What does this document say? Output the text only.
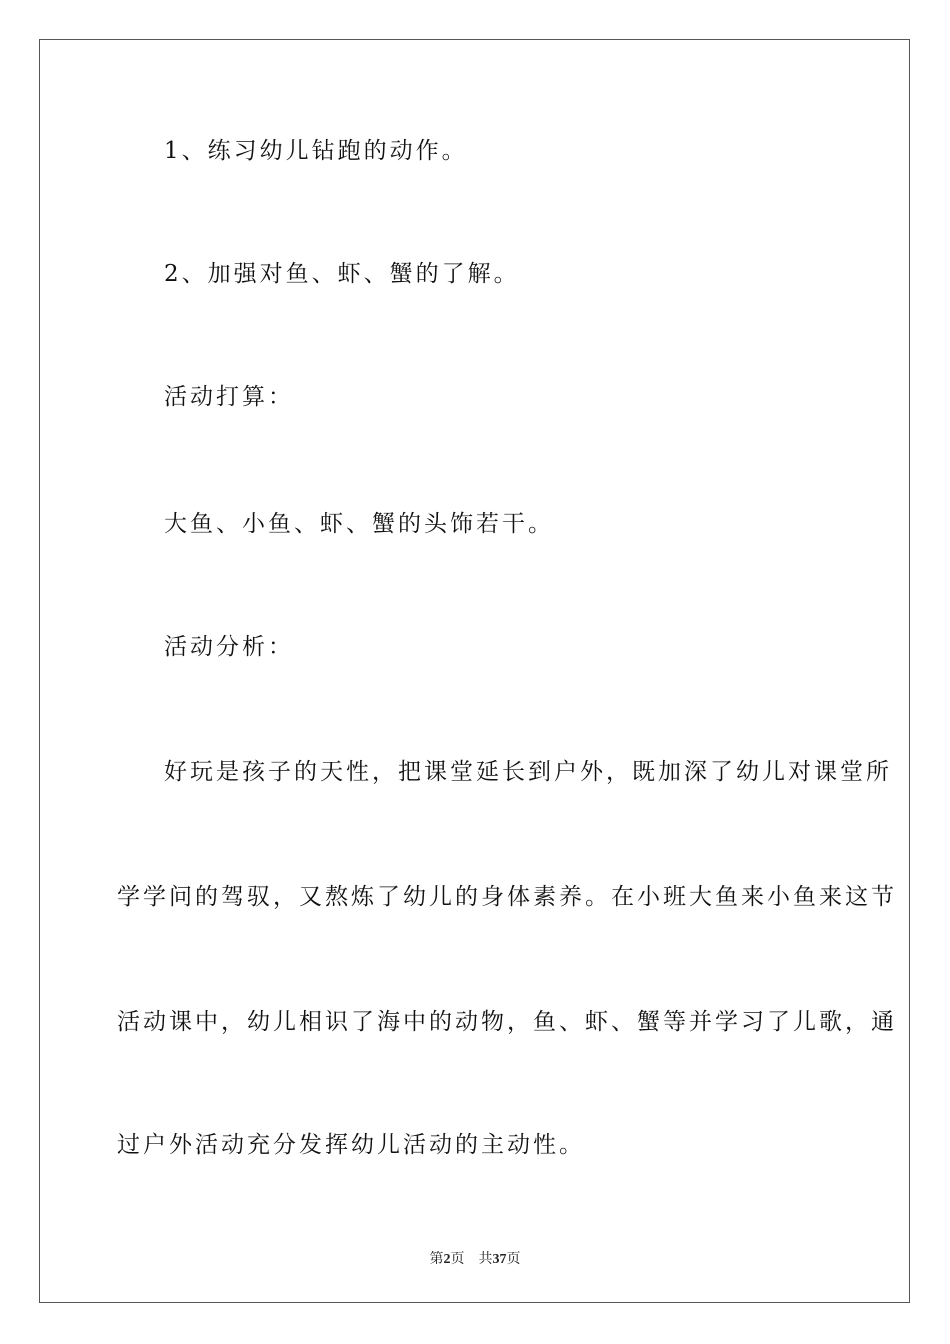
1、练习幼儿钻跑的动作。
2、加强对鱼、虾、蟹的了解。
活动打算：
大鱼、小鱼、虾、蟹的头饰若干。
活动分析：
好玩是孩子的天性，把课堂延长到户外，既加深了幼儿对课堂所
学学问的驾驭，又熬炼了幼儿的身体素养。在小班大鱼来小鱼来这节
活动课中，幼儿相识了海中的动物，鱼、虾、蟹等并学习了儿歌，通
过户外活动充分发挥幼儿活动的主动性。
第2页 共37页
